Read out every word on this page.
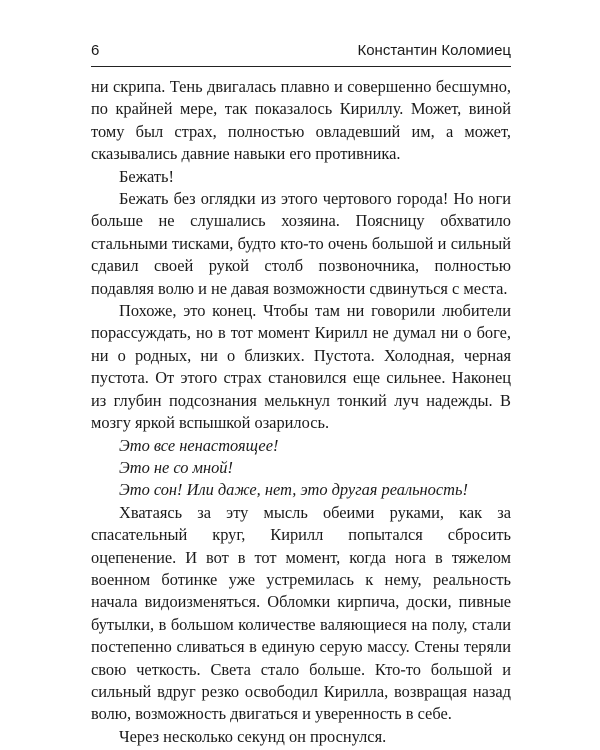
6	Константин Коломиец

ни скрипа. Тень двигалась плавно и совершенно бесшумно, по крайней мере, так показалось Кириллу. Может, виной тому был страх, полностью овладевший им, а может, сказывались давние навыки его противника.

Бежать!

Бежать без оглядки из этого чертового города! Но ноги больше не слушались хозяина. Поясницу обхватило стальными тисками, будто кто-то очень большой и сильный сдавил своей рукой столб позвоночника, полностью подавляя волю и не давая возможности сдвинуться с места.

Похоже, это конец. Чтобы там ни говорили любители порассуждать, но в тот момент Кирилл не думал ни о боге, ни о родных, ни о близких. Пустота. Холодная, черная пустота. От этого страх становился еще сильнее. Наконец из глубин подсознания мелькнул тонкий луч надежды. В мозгу яркой вспышкой озарилось.

Это все ненастоящее!

Это не со мной!

Это сон! Или даже, нет, это другая реальность!

Хватаясь за эту мысль обеими руками, как за спасательный круг, Кирилл попытался сбросить оцепенение. И вот в тот момент, когда нога в тяжелом военном ботинке уже устремилась к нему, реальность начала видоизменяться. Обломки кирпича, доски, пивные бутылки, в большом количестве валяющиеся на полу, стали постепенно сливаться в единую серую массу. Стены теряли свою четкость. Света стало больше. Кто-то большой и сильный вдруг резко освободил Кирилла, возвращая назад волю, возможность двигаться и уверенность в себе.

Через несколько секунд он проснулся.
